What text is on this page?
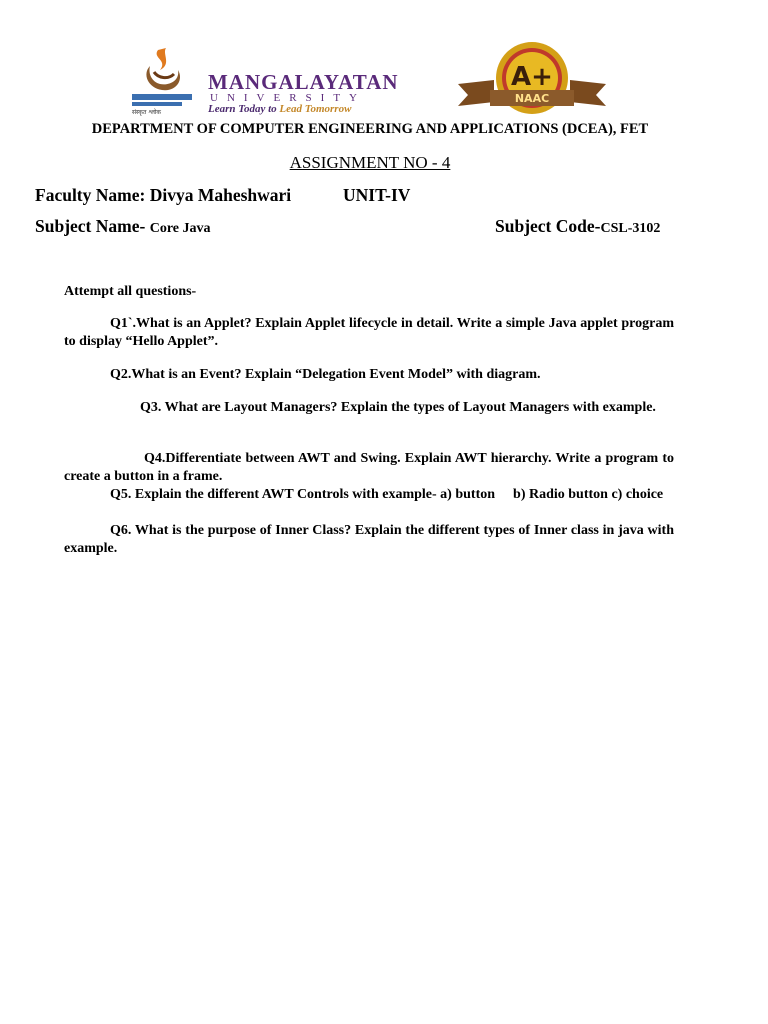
संस्कृत श्लोक
MANGALAYATAN
UNIVERSITY
Learn Today to Lead Tomorrow
A+
NAAC
DEPARTMENT OF COMPUTER ENGINEERING AND APPLICATIONS (DCEA), FET
ASSIGNMENT NO - 4
Faculty Name: Divya Maheshwari	UNIT-IV
Subject Name- Core Java	Subject Code-CSL-3102
Attempt all questions-
Q1`.What is an Applet? Explain Applet lifecycle in detail. Write a simple Java applet program to display “Hello Applet”.
Q2.What is an Event? Explain “Delegation Event Model” with diagram.
Q3. What are Layout Managers? Explain the types of Layout Managers with example.
Q4.Differentiate between AWT and Swing. Explain AWT hierarchy. Write a program to create a button in a frame.
Q5. Explain the different AWT Controls with example- a) button b) Radio button c) choice
Q6. What is the purpose of Inner Class? Explain the different types of Inner class in java with example.
